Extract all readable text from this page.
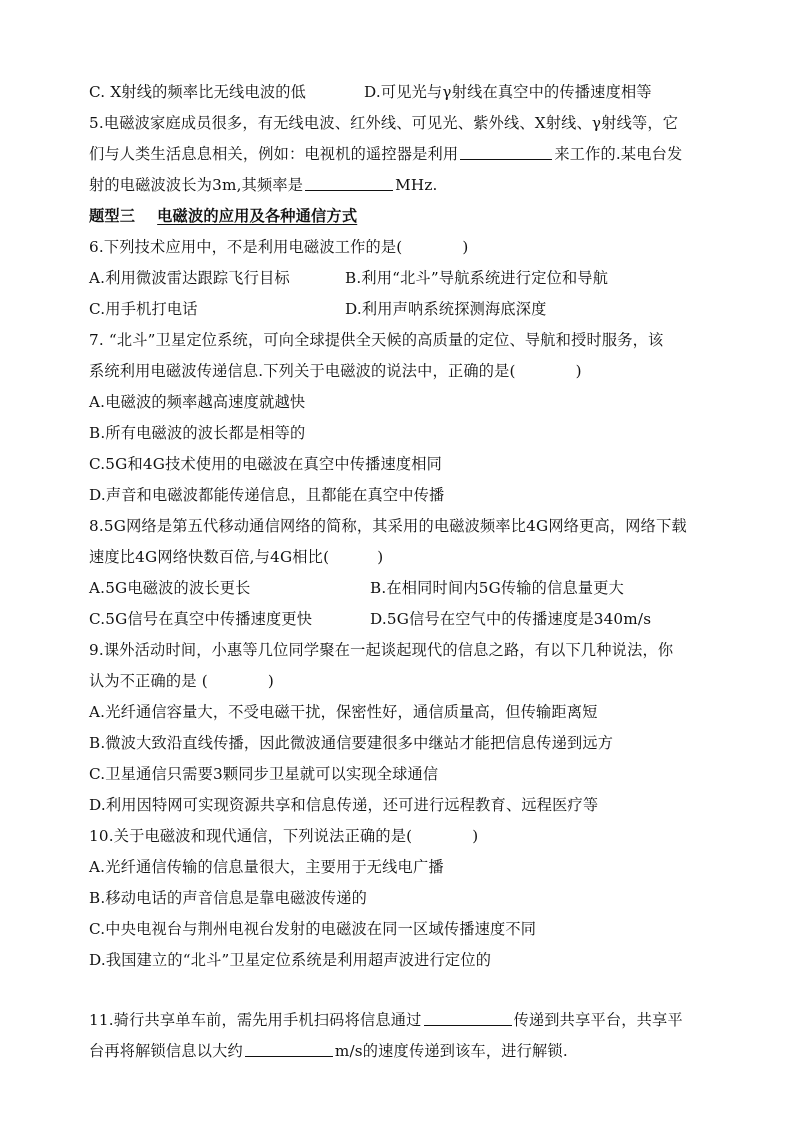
C. X射线的频率比无线电波的低	D.可见光与γ射线在真空中的传播速度相等
5.电磁波家庭成员很多，有无线电波、红外线、可见光、紫外线、X射线、γ射线等，它
们与人类生活息息相关，例如：电视机的遥控器是利用	来工作的.某电台发
射的电磁波波长为3m,其频率是	MHz.
题型三 电磁波的应用及各种通信方式
6.下列技术应用中，不是利用电磁波工作的是(	)
A.利用微波雷达跟踪飞行目标	B.利用“北斗”导航系统进行定位和导航
C.用手机打电话	D.利用声呐系统探测海底深度
7. “北斗”卫星定位系统，可向全球提供全天候的高质量的定位、导航和授时服务，该
系统利用电磁波传递信息.下列关于电磁波的说法中，正确的是(	)
A.电磁波的频率越高速度就越快
B.所有电磁波的波长都是相等的
C.5G和4G技术使用的电磁波在真空中传播速度相同
D.声音和电磁波都能传递信息，且都能在真空中传播
8.5G网络是第五代移动通信网络的简称，其采用的电磁波频率比4G网络更高，网络下载
速度比4G网络快数百倍,与4G相比(	)
A.5G电磁波的波长更长	B.在相同时间内5G传输的信息量更大
C.5G信号在真空中传播速度更快	D.5G信号在空气中的传播速度是340m/s
9.课外活动时间，小惠等几位同学聚在一起谈起现代的信息之路，有以下几种说法，你
认为不正确的是 (	)
A.光纤通信容量大，不受电磁干扰，保密性好，通信质量高，但传输距离短
B.微波大致沿直线传播，因此微波通信要建很多中继站才能把信息传递到远方
C.卫星通信只需要3颗同步卫星就可以实现全球通信
D.利用因特网可实现资源共享和信息传递，还可进行远程教育、远程医疗等
10.关于电磁波和现代通信，下列说法正确的是(	)
A.光纤通信传输的信息量很大，主要用于无线电广播
B.移动电话的声音信息是靠电磁波传递的
C.中央电视台与荆州电视台发射的电磁波在同一区域传播速度不同
D.我国建立的“北斗”卫星定位系统是利用超声波进行定位的
11.骑行共享单车前，需先用手机扫码将信息通过	传递到共享平台，共享平
台再将解锁信息以大约	m/s的速度传递到该车，进行解锁.
